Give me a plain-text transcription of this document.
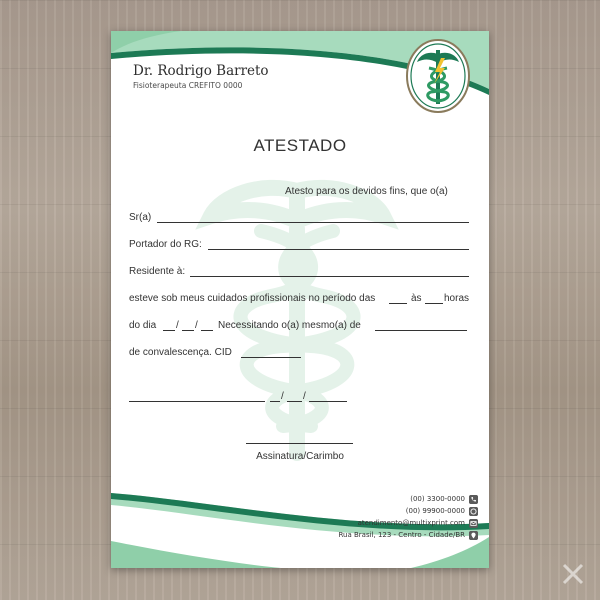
Dr. Rodrigo Barreto
Fisioterapeuta CREFITO 0000
ATESTADO
Atesto para os devidos fins, que o(a)
Sr(a)
Portador do RG:
Residente à:
esteve sob meus cuidados profissionais no período das	às horas
do dia / / Necessitando o(a) mesmo(a) de
de convalescença. CID
/ /
Assinatura/Carimbo
(00) 3300-0000
(00) 99900-0000
atendimento@multixprint.com
Rua Brasil, 123 - Centro - Cidade/BR
